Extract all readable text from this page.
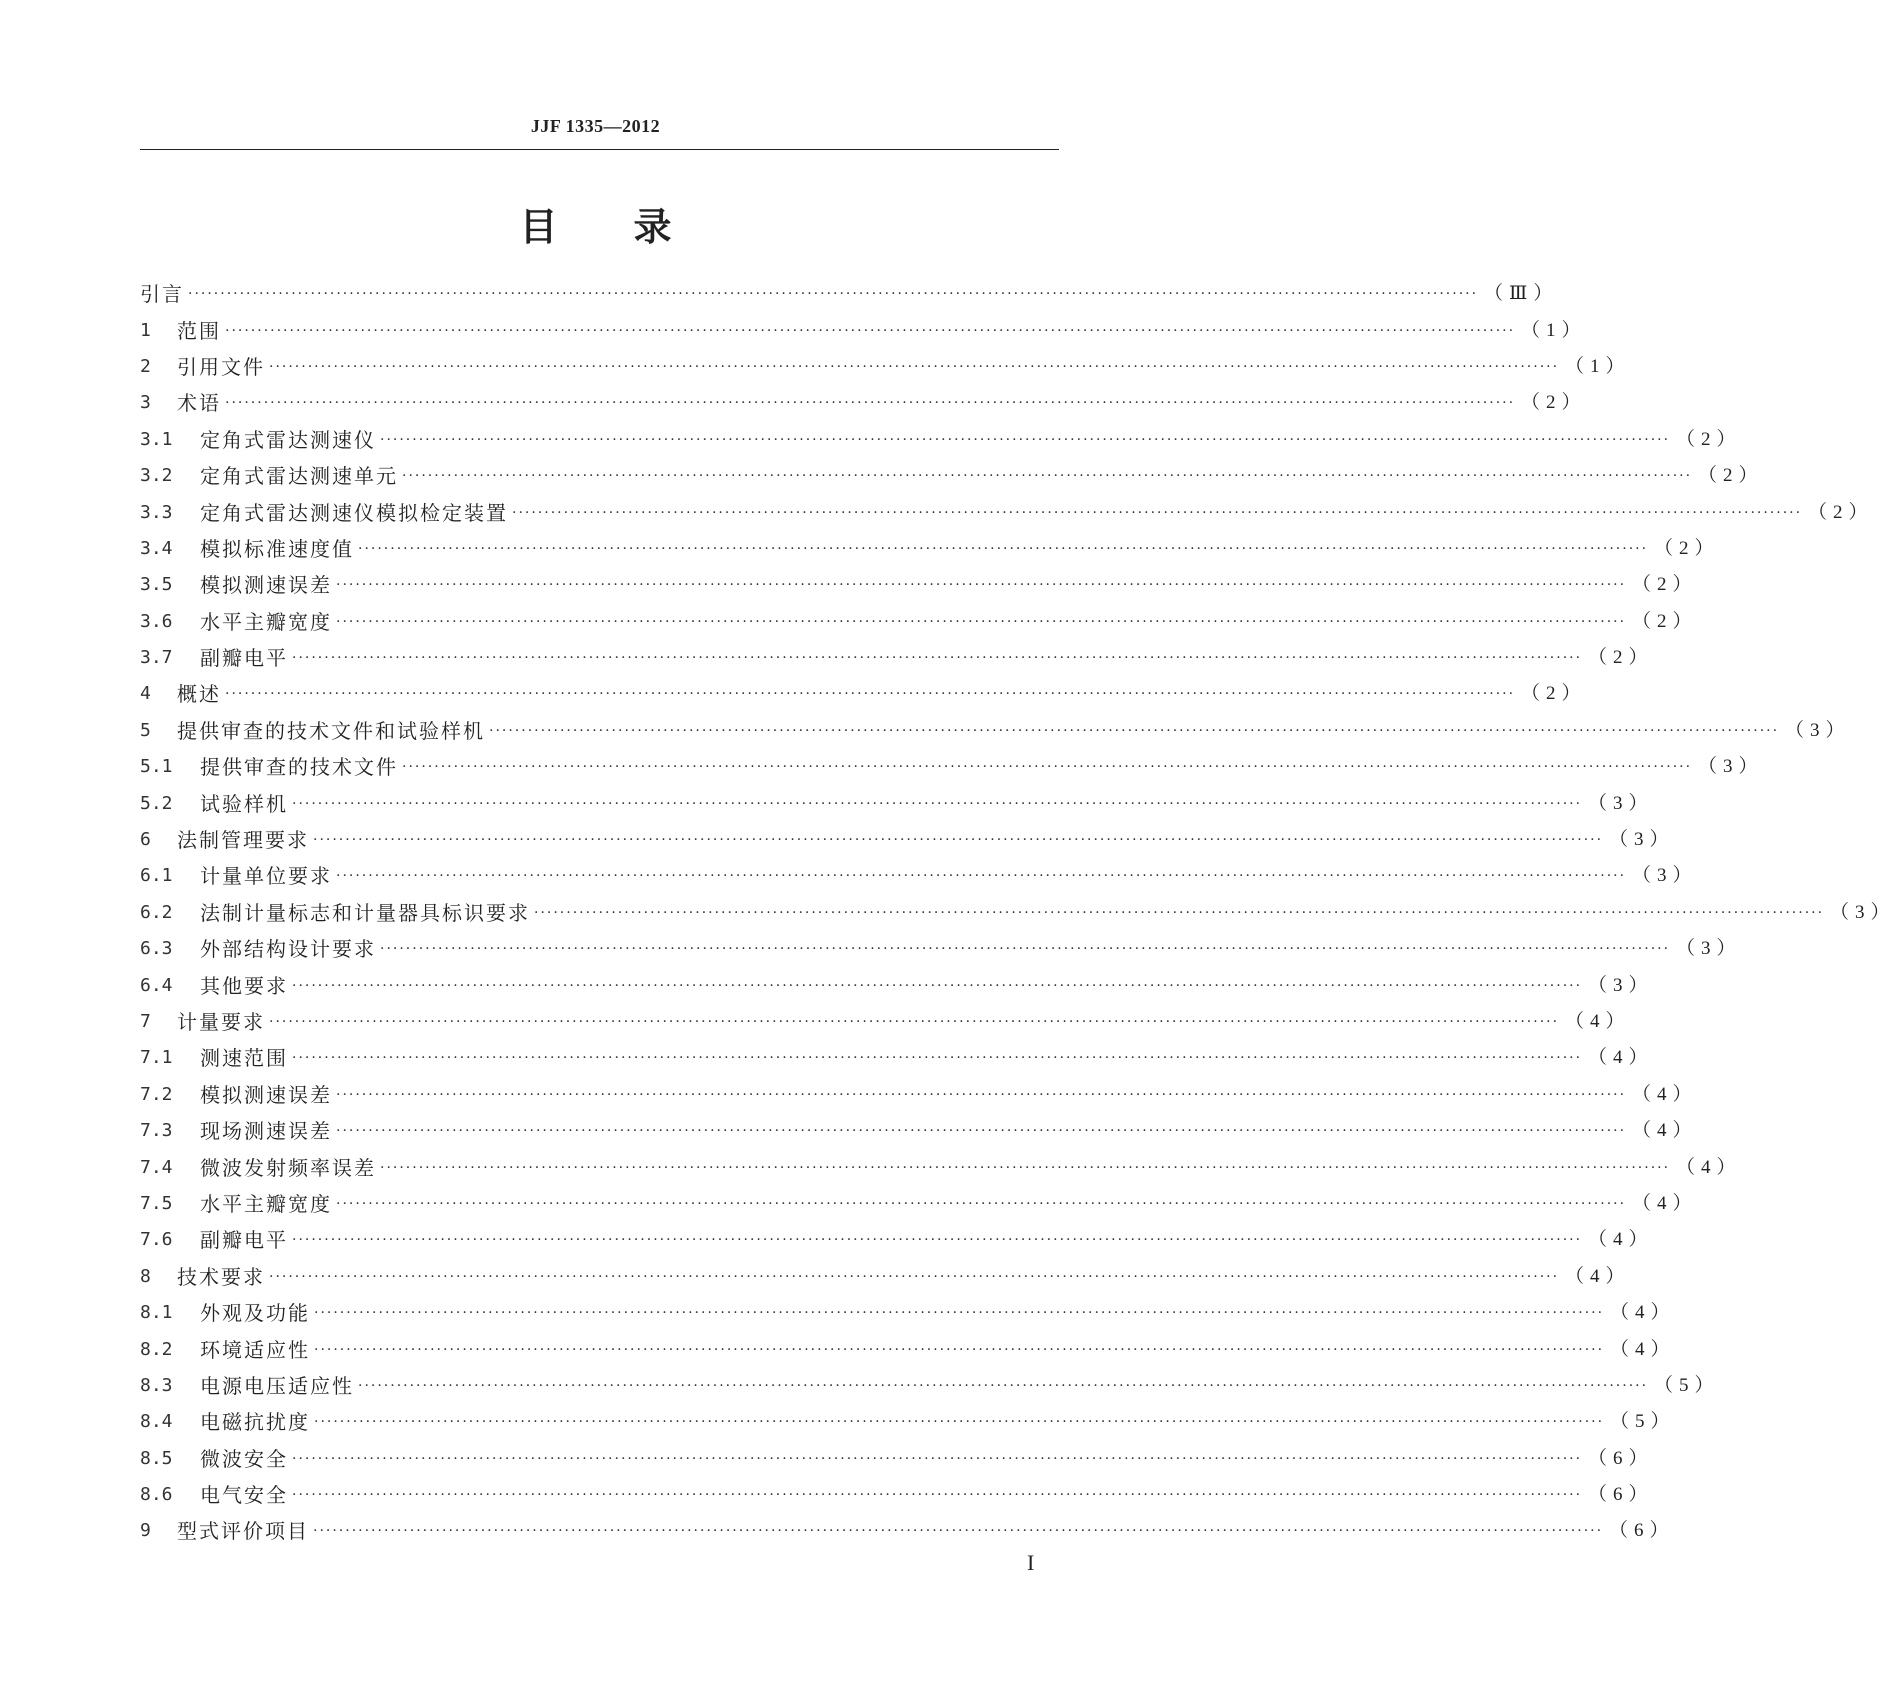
JJF 1335—2012
目　　录
引言 ········································································································································································································ （Ⅲ）
1	范围 ········································································································································································································ （1）
2	引用文件 ········································································································································································································ （1）
3	术语 ········································································································································································································ （2）
3.1	定角式雷达测速仪 ········································································································································································································ （2）
3.2	定角式雷达测速单元 ········································································································································································································ （2）
3.3	定角式雷达测速仪模拟检定装置 ········································································································································································································ （2）
3.4	模拟标准速度值 ········································································································································································································ （2）
3.5	模拟测速误差 ········································································································································································································ （2）
3.6	水平主瓣宽度 ········································································································································································································ （2）
3.7	副瓣电平 ········································································································································································································ （2）
4	概述 ········································································································································································································ （2）
5	提供审查的技术文件和试验样机 ········································································································································································································ （3）
5.1	提供审查的技术文件 ········································································································································································································ （3）
5.2	试验样机 ········································································································································································································ （3）
6	法制管理要求 ········································································································································································································ （3）
6.1	计量单位要求 ········································································································································································································ （3）
6.2	法制计量标志和计量器具标识要求 ········································································································································································································ （3）
6.3	外部结构设计要求 ········································································································································································································ （3）
6.4	其他要求 ········································································································································································································ （3）
7	计量要求 ········································································································································································································ （4）
7.1	测速范围 ········································································································································································································ （4）
7.2	模拟测速误差 ········································································································································································································ （4）
7.3	现场测速误差 ········································································································································································································ （4）
7.4	微波发射频率误差 ········································································································································································································ （4）
7.5	水平主瓣宽度 ········································································································································································································ （4）
7.6	副瓣电平 ········································································································································································································ （4）
8	技术要求 ········································································································································································································ （4）
8.1	外观及功能 ········································································································································································································ （4）
8.2	环境适应性 ········································································································································································································ （4）
8.3	电源电压适应性 ········································································································································································································ （5）
8.4	电磁抗扰度 ········································································································································································································ （5）
8.5	微波安全 ········································································································································································································ （6）
8.6	电气安全 ········································································································································································································ （6）
9	型式评价项目 ········································································································································································································ （6）
I
